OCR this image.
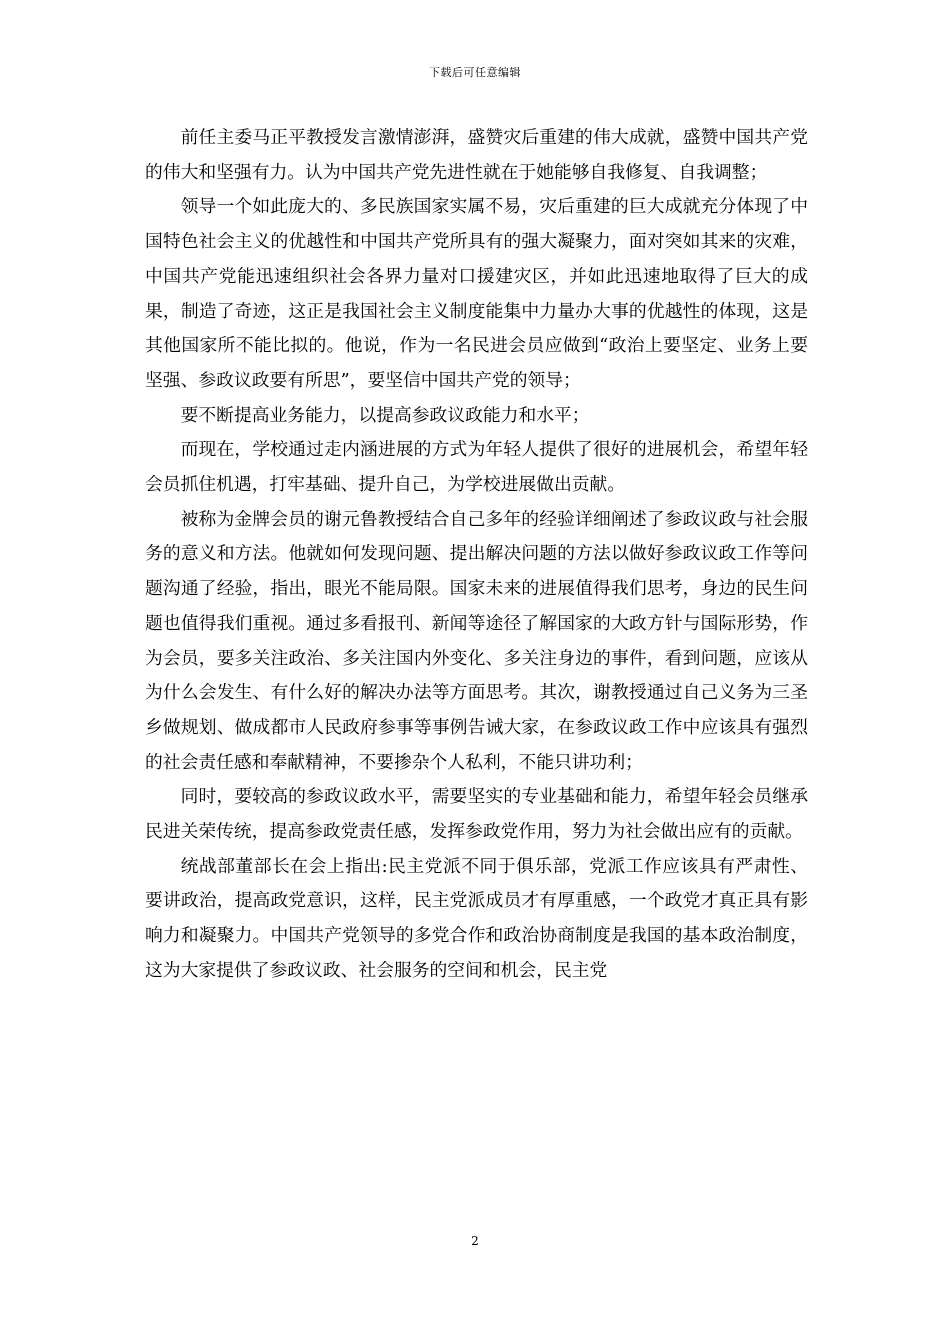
下载后可任意编辑

前任主委马正平教授发言激情澎湃，盛赞灾后重建的伟大成就，盛赞中国共产党的伟大和坚强有力。认为中国共产党先进性就在于她能够自我修复、自我调整；

领导一个如此庞大的、多民族国家实属不易，灾后重建的巨大成就充分体现了中国特色社会主义的优越性和中国共产党所具有的强大凝聚力，面对突如其来的灾难，中国共产党能迅速组织社会各界力量对口援建灾区，并如此迅速地取得了巨大的成果，制造了奇迹，这正是我国社会主义制度能集中力量办大事的优越性的体现，这是其他国家所不能比拟的。他说，作为一名民进会员应做到“政治上要坚定、业务上要坚强、参政议政要有所思”，要坚信中国共产党的领导；

要不断提高业务能力，以提高参政议政能力和水平；

而现在，学校通过走内涵进展的方式为年轻人提供了很好的进展机会，希望年轻会员抓住机遇，打牢基础、提升自己，为学校进展做出贡献。

被称为金牌会员的谢元鲁教授结合自己多年的经验详细阐述了参政议政与社会服务的意义和方法。他就如何发现问题、提出解决问题的方法以做好参政议政工作等问题沟通了经验，指出，眼光不能局限。国家未来的进展值得我们思考，身边的民生问题也值得我们重视。通过多看报刊、新闻等途径了解国家的大政方针与国际形势，作为会员，要多关注政治、多关注国内外变化、多关注身边的事件，看到问题，应该从为什么会发生、有什么好的解决办法等方面思考。其次，谢教授通过自己义务为三圣乡做规划、做成都市人民政府参事等事例告诫大家，在参政议政工作中应该具有强烈的社会责任感和奉献精神，不要掺杂个人私利，不能只讲功利；

同时，要较高的参政议政水平，需要坚实的专业基础和能力，希望年轻会员继承民进关荣传统，提高参政党责任感，发挥参政党作用，努力为社会做出应有的贡献。

统战部董部长在会上指出:民主党派不同于俱乐部，党派工作应该具有严肃性、要讲政治，提高政党意识，这样，民主党派成员才有厚重感，一个政党才真正具有影响力和凝聚力。中国共产党领导的多党合作和政治协商制度是我国的基本政治制度，这为大家提供了参政议政、社会服务的空间和机会，民主党

2
